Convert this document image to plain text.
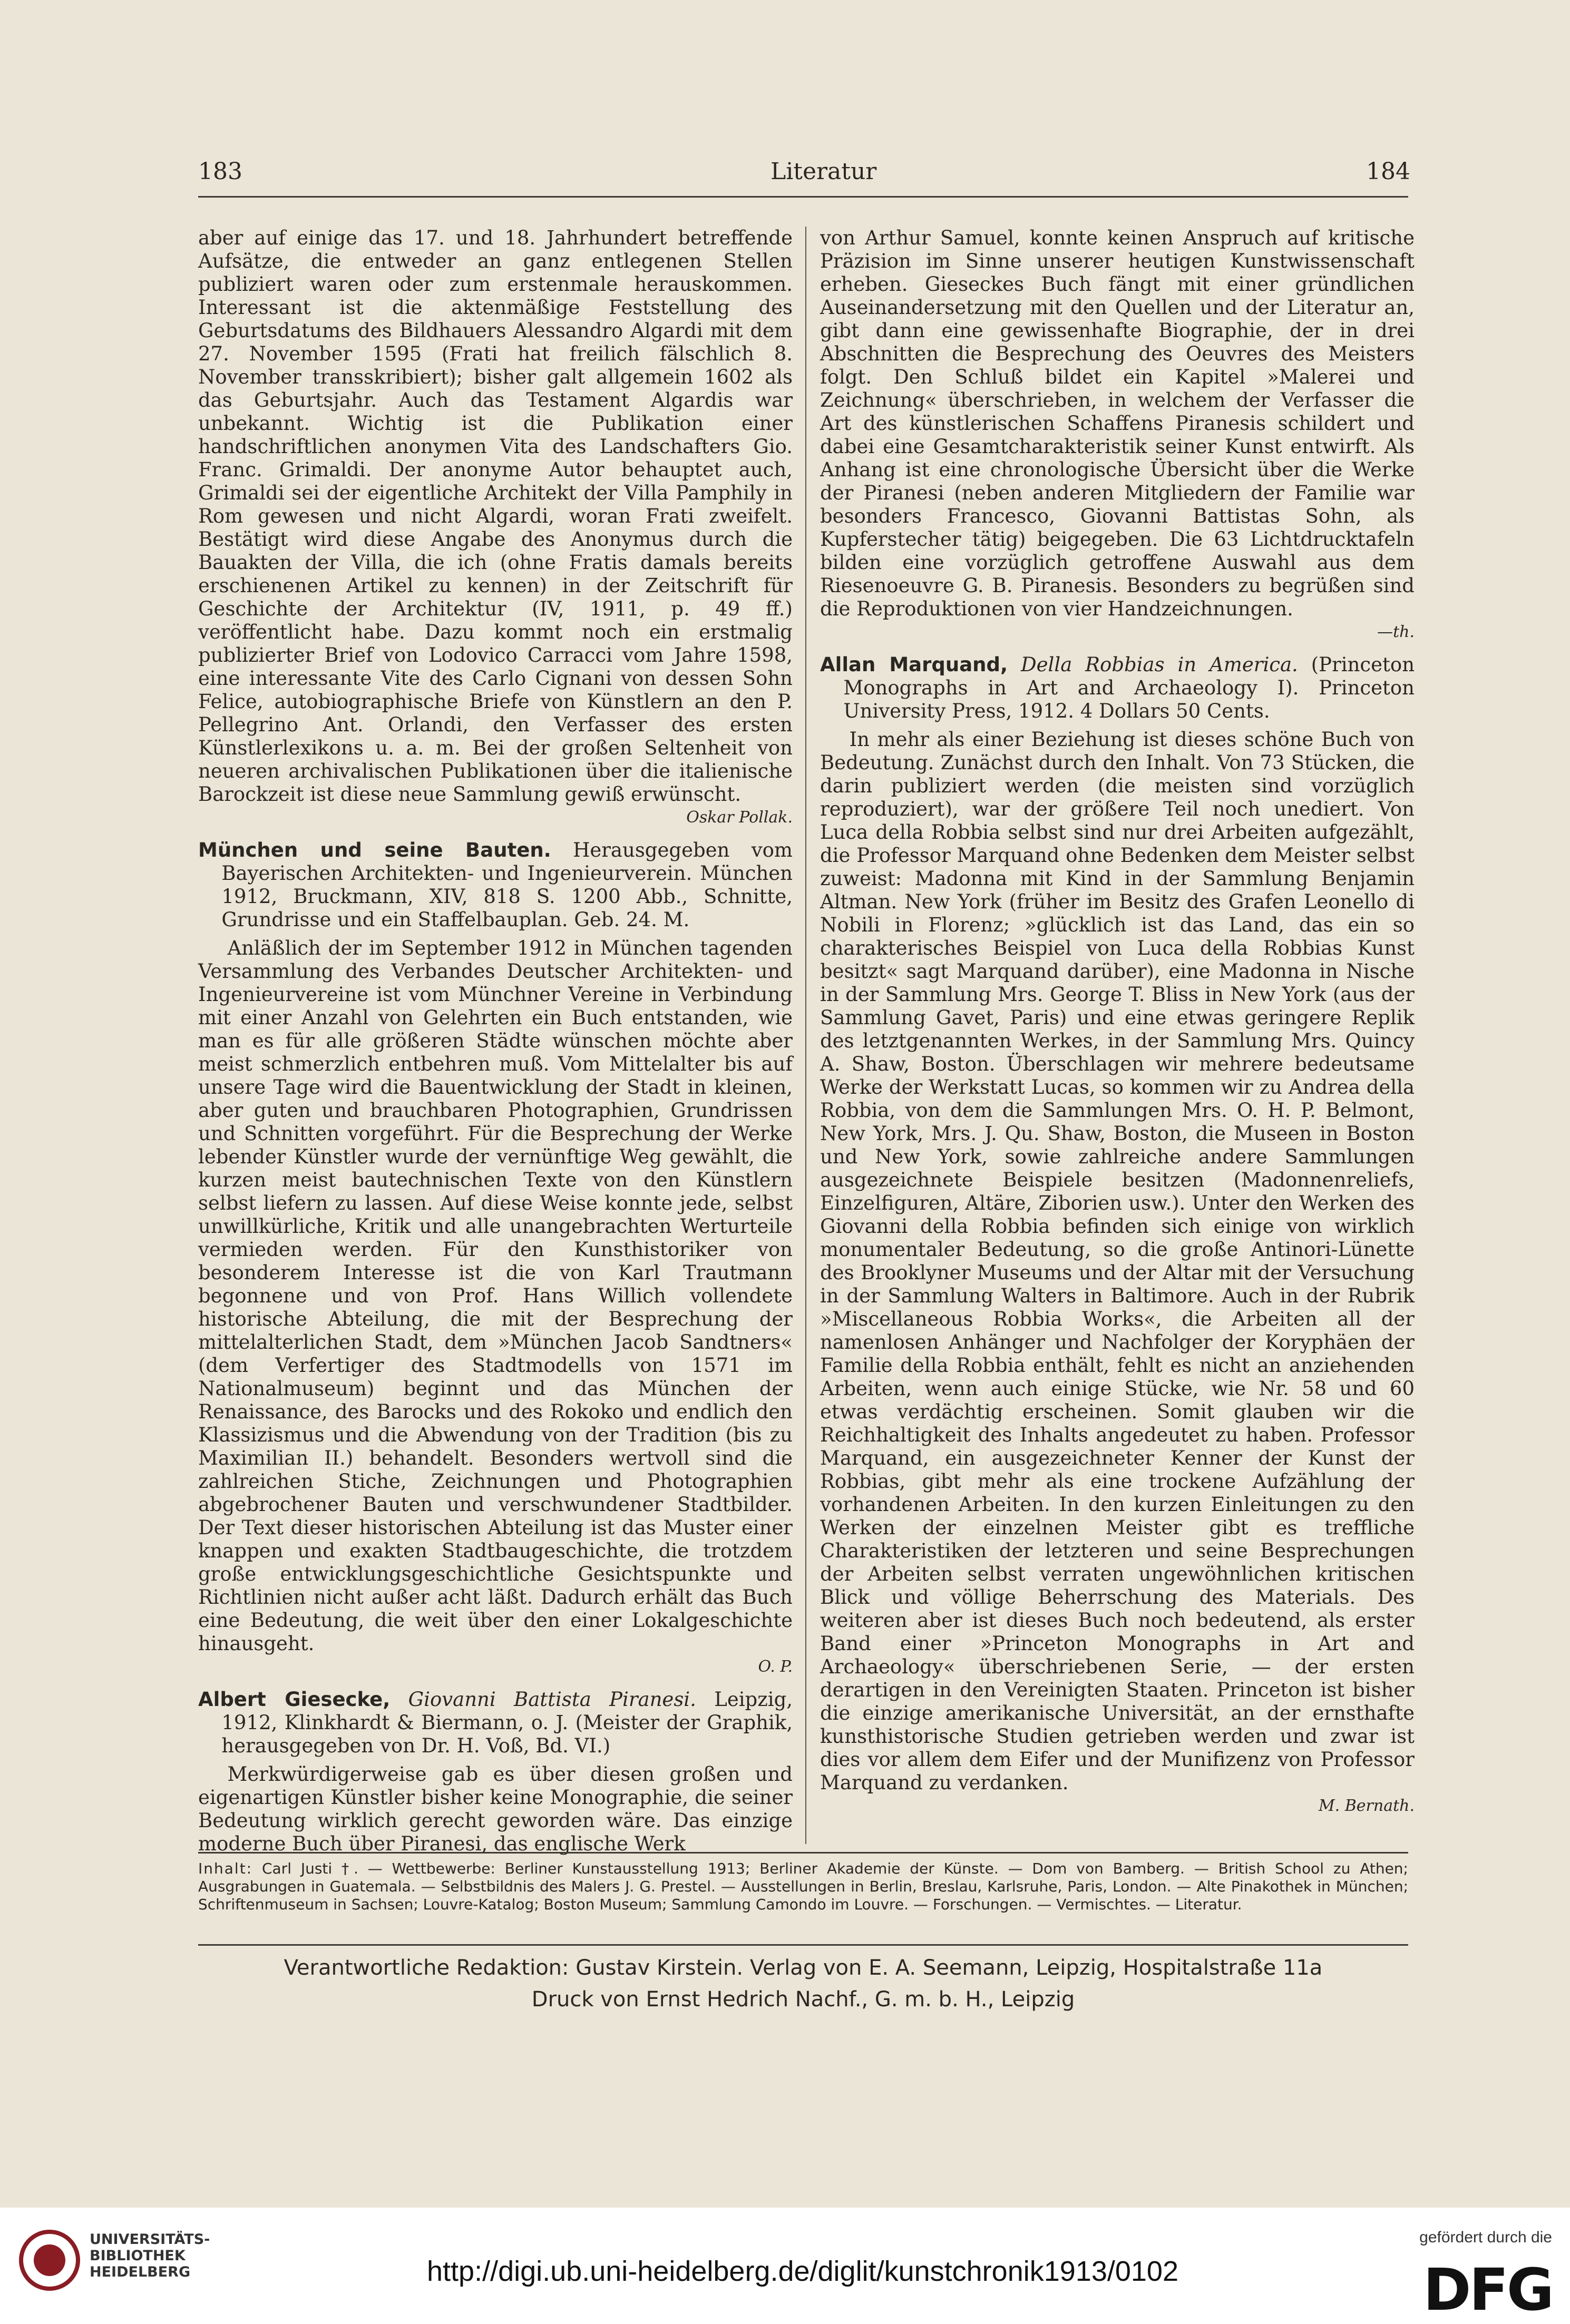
183	Literatur	184

aber auf einige das 17. und 18. Jahrhundert betreffende Aufsätze, die entweder an ganz entlegenen Stellen publiziert waren oder zum erstenmale herauskommen. Interessant ist die aktenmäßige Feststellung des Geburtsdatums des Bildhauers Alessandro Algardi mit dem 27. November 1595 (Frati hat freilich fälschlich 8. November transskribiert); bisher galt allgemein 1602 als das Geburtsjahr. Auch das Testament Algardis war unbekannt. Wichtig ist die Publikation einer handschriftlichen anonymen Vita des Landschafters Gio. Franc. Grimaldi. Der anonyme Autor behauptet auch, Grimaldi sei der eigentliche Architekt der Villa Pamphily in Rom gewesen und nicht Algardi, woran Frati zweifelt. Bestätigt wird diese Angabe des Anonymus durch die Bauakten der Villa, die ich (ohne Fratis damals bereits erschienenen Artikel zu kennen) in der Zeitschrift für Geschichte der Architektur (IV, 1911, p. 49 ff.) veröffentlicht habe. Dazu kommt noch ein erstmalig publizierter Brief von Lodovico Carracci vom Jahre 1598, eine interessante Vite des Carlo Cignani von dessen Sohn Felice, autobiographische Briefe von Künstlern an den P. Pellegrino Ant. Orlandi, den Verfasser des ersten Künstlerlexikons u. a. m. Bei der großen Seltenheit von neueren archivalischen Publikationen über die italienische Barockzeit ist diese neue Sammlung gewiß erwünscht.

Oskar Pollak.
München und seine Bauten. Herausgegeben vom Bayerischen Architekten- und Ingenieurverein. München 1912, Bruckmann, XIV, 818 S. 1200 Abb., Schnitte, Grundrisse und ein Staffelbauplan. Geb. 24. M.

Anläßlich der im September 1912 in München tagenden Versammlung des Verbandes Deutscher Architekten- und Ingenieurvereine ist vom Münchner Vereine in Verbindung mit einer Anzahl von Gelehrten ein Buch entstanden, wie man es für alle größeren Städte wünschen möchte aber meist schmerzlich entbehren muß. Vom Mittelalter bis auf unsere Tage wird die Bauentwicklung der Stadt in kleinen, aber guten und brauchbaren Photographien, Grundrissen und Schnitten vorgeführt. Für die Besprechung der Werke lebender Künstler wurde der vernünftige Weg gewählt, die kurzen meist bautechnischen Texte von den Künstlern selbst liefern zu lassen. Auf diese Weise konnte jede, selbst unwillkürliche, Kritik und alle unangebrachten Werturteile vermieden werden. Für den Kunsthistoriker von besonderem Interesse ist die von Karl Trautmann begonnene und von Prof. Hans Willich vollendete historische Abteilung, die mit der Besprechung der mittelalterlichen Stadt, dem »München Jacob Sandtners« (dem Verfertiger des Stadtmodells von 1571 im Nationalmuseum) beginnt und das München der Renaissance, des Barocks und des Rokoko und endlich den Klassizismus und die Abwendung von der Tradition (bis zu Maximilian II.) behandelt. Besonders wertvoll sind die zahlreichen Stiche, Zeichnungen und Photographien abgebrochener Bauten und verschwundener Stadtbilder. Der Text dieser historischen Abteilung ist das Muster einer knappen und exakten Stadtbaugeschichte, die trotzdem große entwicklungsgeschichtliche Gesichtspunkte und Richtlinien nicht außer acht läßt. Dadurch erhält das Buch eine Bedeutung, die weit über den einer Lokalgeschichte hinausgeht.

O. P.
Albert Giesecke, Giovanni Battista Piranesi. Leipzig, 1912, Klinkhardt & Biermann, o. J. (Meister der Graphik, herausgegeben von Dr. H. Voß, Bd. VI.)

Merkwürdigerweise gab es über diesen großen und eigenartigen Künstler bisher keine Monographie, die seiner Bedeutung wirklich gerecht geworden wäre. Das einzige moderne Buch über Piranesi, das englische Werk

von Arthur Samuel, konnte keinen Anspruch auf kritische Präzision im Sinne unserer heutigen Kunstwissenschaft erheben. Gieseckes Buch fängt mit einer gründlichen Auseinandersetzung mit den Quellen und der Literatur an, gibt dann eine gewissenhafte Biographie, der in drei Abschnitten die Besprechung des Oeuvres des Meisters folgt. Den Schluß bildet ein Kapitel »Malerei und Zeichnung« überschrieben, in welchem der Verfasser die Art des künstlerischen Schaffens Piranesis schildert und dabei eine Gesamtcharakteristik seiner Kunst entwirft. Als Anhang ist eine chronologische Übersicht über die Werke der Piranesi (neben anderen Mitgliedern der Familie war besonders Francesco, Giovanni Battistas Sohn, als Kupferstecher tätig) beigegeben. Die 63 Lichtdrucktafeln bilden eine vorzüglich getroffene Auswahl aus dem Riesenoeuvre G. B. Piranesis. Besonders zu begrüßen sind die Reproduktionen von vier Handzeichnungen.

—th.
Allan Marquand, Della Robbias in America. (Princeton Monographs in Art and Archaeology I). Princeton University Press, 1912. 4 Dollars 50 Cents.

In mehr als einer Beziehung ist dieses schöne Buch von Bedeutung. Zunächst durch den Inhalt. Von 73 Stücken, die darin publiziert werden (die meisten sind vorzüglich reproduziert), war der größere Teil noch unediert. Von Luca della Robbia selbst sind nur drei Arbeiten aufgezählt, die Professor Marquand ohne Bedenken dem Meister selbst zuweist: Madonna mit Kind in der Sammlung Benjamin Altman. New York (früher im Besitz des Grafen Leonello di Nobili in Florenz; »glücklich ist das Land, das ein so charakterisches Beispiel von Luca della Robbias Kunst besitzt« sagt Marquand darüber), eine Madonna in Nische in der Sammlung Mrs. George T. Bliss in New York (aus der Sammlung Gavet, Paris) und eine etwas geringere Replik des letztgenannten Werkes, in der Sammlung Mrs. Quincy A. Shaw, Boston. Überschlagen wir mehrere bedeutsame Werke der Werkstatt Lucas, so kommen wir zu Andrea della Robbia, von dem die Sammlungen Mrs. O. H. P. Belmont, New York, Mrs. J. Qu. Shaw, Boston, die Museen in Boston und New York, sowie zahlreiche andere Sammlungen ausgezeichnete Beispiele besitzen (Madonnenreliefs, Einzelfiguren, Altäre, Ziborien usw.). Unter den Werken des Giovanni della Robbia befinden sich einige von wirklich monumentaler Bedeutung, so die große Antinori-Lünette des Brooklyner Museums und der Altar mit der Versuchung in der Sammlung Walters in Baltimore. Auch in der Rubrik »Miscellaneous Robbia Works«, die Arbeiten all der namenlosen Anhänger und Nachfolger der Koryphäen der Familie della Robbia enthält, fehlt es nicht an anziehenden Arbeiten, wenn auch einige Stücke, wie Nr. 58 und 60 etwas verdächtig erscheinen. Somit glauben wir die Reichhaltigkeit des Inhalts angedeutet zu haben. Professor Marquand, ein ausgezeichneter Kenner der Kunst der Robbias, gibt mehr als eine trockene Aufzählung der vorhandenen Arbeiten. In den kurzen Einleitungen zu den Werken der einzelnen Meister gibt es treffliche Charakteristiken der letzteren und seine Besprechungen der Arbeiten selbst verraten ungewöhnlichen kritischen Blick und völlige Beherrschung des Materials. Des weiteren aber ist dieses Buch noch bedeutend, als erster Band einer »Princeton Monographs in Art and Archaeology« überschriebenen Serie, — der ersten derartigen in den Vereinigten Staaten. Princeton ist bisher die einzige amerikanische Universität, an der ernsthafte kunsthistorische Studien getrieben werden und zwar ist dies vor allem dem Eifer und der Munifizenz von Professor Marquand zu verdanken.

M. Bernath.
Inhalt: Carl Justi †. — Wettbewerbe: Berliner Kunstausstellung 1913; Berliner Akademie der Künste. — Dom von Bamberg. — British School zu Athen; Ausgrabungen in Guatemala. — Selbstbildnis des Malers J. G. Prestel. — Ausstellungen in Berlin, Breslau, Karlsruhe, Paris, London. — Alte Pinakothek in München; Schriftenmuseum in Sachsen; Louvre-Katalog; Boston Museum; Sammlung Camondo im Louvre. — Forschungen. — Vermischtes. — Literatur.
Verantwortliche Redaktion: Gustav Kirstein. Verlag von E. A. Seemann, Leipzig, Hospitalstraße 11a
Druck von Ernst Hedrich Nachf., G. m. b. H., Leipzig
UNIVERSITÄTS-
BIBLIOTHEK
HEIDELBERG	http://digi.ub.uni-heidelberg.de/diglit/kunstchronik1913/0102
gefördert durch die
DFG
